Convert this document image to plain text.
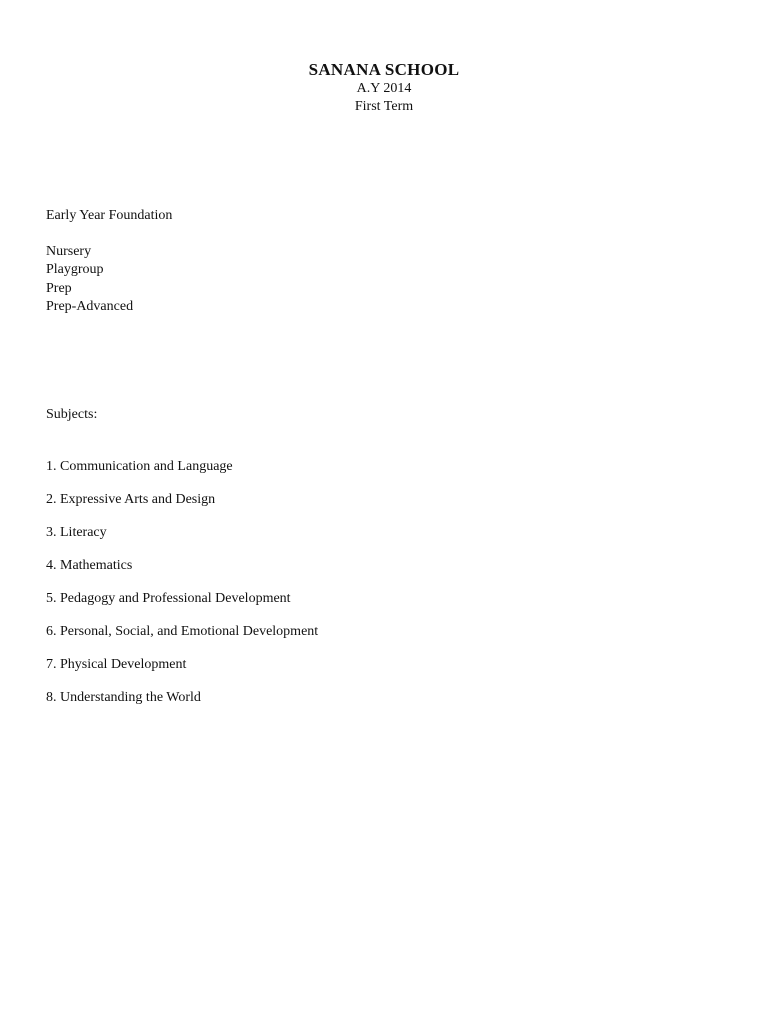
SANANA SCHOOL
A.Y 2014
First Term
Early Year Foundation
Nursery
Playgroup
Prep
Prep-Advanced
Subjects:
1. Communication and Language
2. Expressive Arts and Design
3. Literacy
4. Mathematics
5. Pedagogy and Professional Development
6. Personal, Social, and Emotional Development
7. Physical Development
8. Understanding the World
